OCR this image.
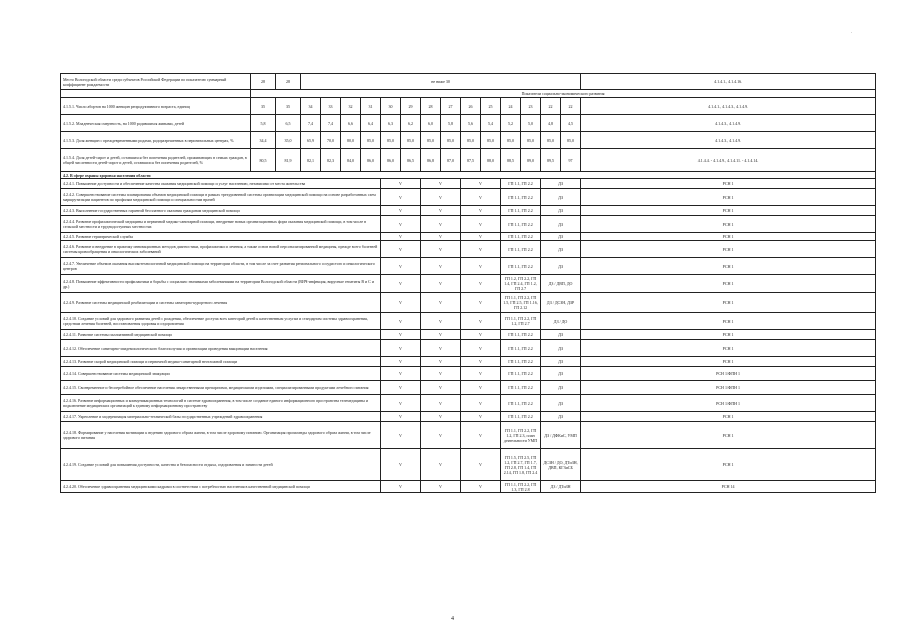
.
Место Вологодской области среди субъектов Российской Федерации по показателю суммарный коэффициент рождаемости	28	28	не ниже 30														4.1.4.1., 4.1.4.16.
	Показатели социально-экономического развития																
4.1.5.1. Число абортов на 1000 женщин репродуктивного возраста, единиц	35	35	34	33	32	31	30	29	28	27	26	25	24	23	22	22	4.1.4.1., 4.1.4.3., 4.1.4.9.
4.1.5.2. Младенческая смертность, на 1000 родившихся живыми, детей	5,8	6,5	7,4	7,4	6,6	6,4	6,3	6,2	6,0	5,8	5,6	5,4	5,2	5,0	4,8	4,5	4.1.4.3., 4.1.4.9.
4.1.5.3. Доля женщин с преждевременными родами, родоразрешенных в перинатальных центрах, %	34,4	35,0	65,9	70,0	80,0	85,0	85,0	85,0	85,0	85,0	85,0	85,0	85,0	85,0	85,0	85,0	4.1.4.3., 4.1.4.9.
4.1.5.4. Доля детей-сирот и детей, оставшихся без попечения родителей, проживающих в семьях граждан, в общей численности детей-сирот и детей, оставшихся без попечения родителей, %	80,5	81,9	82,1	82,3	84,0	86,0	86,0	86,5	86,8	87,0	87,5	88,0	88,5	89,0	89,5	97	4.1.4.4. - 4.1.4.9., 4.1.4.11. - 4.1.4.14.
4.2. В сфере охраны здоровья населения области																	
4.2.4.1. Повышение доступности и обеспечение качества оказания медицинской помощи и услуг населению, независимо от места жительства							V		V		V		ГП 1.1, ГП 2.2		ДЗ		РСН 1
4.2.4.2. Совершенствование системы планирования объемов медицинской помощи в рамках трехуровневой системы организации медицинской помощи на основе разработанных схем маршрутизации пациентов по профилям медицинской помощи и специальностям врачей							V		V		V		ГП 1.1, ГП 2.2		ДЗ		РСН 1
4.2.4.3. Выполнение государственных гарантий бесплатного оказания гражданам медицинской помощи							V		V		V		ГП 1.1, ГП 2.2		ДЗ		РСН 1
4.2.4.4. Развитие профилактической медицины и первичной медико-санитарной помощи, внедрение новых организационных форм оказания медицинской помощи, в том числе в сельской местности и труднодоступных местностях							V		V		V		ГП 1.1, ГП 2.2		ДЗ		РСН 1
4.2.4.5. Развитие гериатрической службы							V		V		V		ГП 1.1, ГП 2.2		ДЗ		РСН 1
4.2.4.6. Развитие и внедрение в практику инновационных методов диагностики, профилактики и лечения, а также основ новой персонализированной медицины, прежде всего болезней системы кровообращения и онкологических заболеваний							V		V		V		ГП 1.1, ГП 2.2		ДЗ		РСН 1
4.2.4.7. Увеличение объемов оказания высокотехнологичной медицинской помощи на территории области, в том числе за счет развития регионального сосудистого и онкологического центров							V		V		V		ГП 1.1, ГП 2.2		ДЗ		РСН 1
4.2.4.8. Повышение эффективности профилактики и борьбы с социально значимыми заболеваниями на территории Вологодской области (ВИЧ-инфекция, вирусные гепатиты В и С и др.)							V		V		V		ГП 1.2, ГП 2.2, ГП 1.4, ГП 2.4, ГП 1.2, ГП 2.7		ДЗ / ДВП, ДО		РСН 1
4.2.4.9. Развитие системы медицинской реабилитации и системы санаторно-курортного лечения							V		V		V		ГП 1.1, ГП 2.2, ГП 1.5, ГП 2.5, ГП 1.16, ГП 2.12		ДЗ / ДСЗН, ДЗР		РСН 1
4.2.4.10. Создание условий для здорового развития детей с рождения, обеспечение доступа всех категорий детей к качественным услугам и стандартам системы здравоохранения, средствам лечения болезней, восстановления здоровья и оздоровления							V		V		V		ГП 1.1, ГП 2.2, ГП 1.2, ГП 2.7		ДЗ / ДО		РСН 1
4.2.4.11. Развитие системы паллиативной медицинской помощи							V		V		V		ГП 1.1, ГП 2.2		ДЗ		РСН 1
4.2.4.12. Обеспечение санитарно-эпидемиологического благополучия и организации проведения вакцинации населения							V		V		V		ГП 1.1, ГП 2.2		ДЗ		РСН 1
4.2.4.13. Развитие скорой медицинской помощи и первичной медико-санитарной неотложной помощи							V		V		V		ГП 1.1, ГП 2.2		ДЗ		РСН 1
4.2.4.14. Совершенствование системы медицинской эвакуации							V		V		V		ГП 1.1, ГП 2.2		ДЗ		РСН 1/ФПН 1
4.2.4.15. Своевременное и бесперебойное обеспечение населения лекарственными препаратами, медицинскими изделиями, специализированными продуктами лечебного питания							V		V		V		ГП 1.1, ГП 2.2		ДЗ		РСН 1/ФПН 1
4.2.4.16. Развитие информационных и коммуникационных технологий в системе здравоохранения, в том числе создание единого информационного пространства телемедицины и подключение медицинских организаций к единому информационному пространству							V		V		V		ГП 1.1, ГП 2.2		ДЗ		РСН 1/ФПН 1
4.2.4.17. Укрепление и модернизация материально-технической базы государственных учреждений здравоохранения							V		V		V		ГП 1.1, ГП 2.2		ДЗ		РСН 1
4.2.4.18. Формирование у населения мотивации к ведению здорового образа жизни, в том числе здоровому питанию. Организация пропаганды здорового образа жизни, в том числе здорового питания							V		V		V		ГП 1.1, ГП 2.2, ГП 1.2, ГП 2.3, план деятельности УМП		ДЗ / ДФКиС, УМП		РСН 1
4.2.4.19. Создание условий для повышения доступности, качества и безопасности отдыха, оздоровления и занятости детей							V		V		V		ГП 1.5, ГП 2.5, ГП 1.2, ГП 2.7, ГП 1.7, ГП 2.8, ГП 1.4, ГП 2.14, ГП 1.8, ГП 2.4		ДСЗН / ДО, ДТиЗН, ДВП, КГЗиСБ		РСН 1
4.2.4.20. Обеспечение здравоохранения медицинскими кадрами в соответствии с потребностью населения в качественной медицинской помощи							V		V		V		ГП 1.1, ГП 2.2, ГП 1.3, ГП 2.8		ДЗ / ДТиЗН		РСН 14
4
